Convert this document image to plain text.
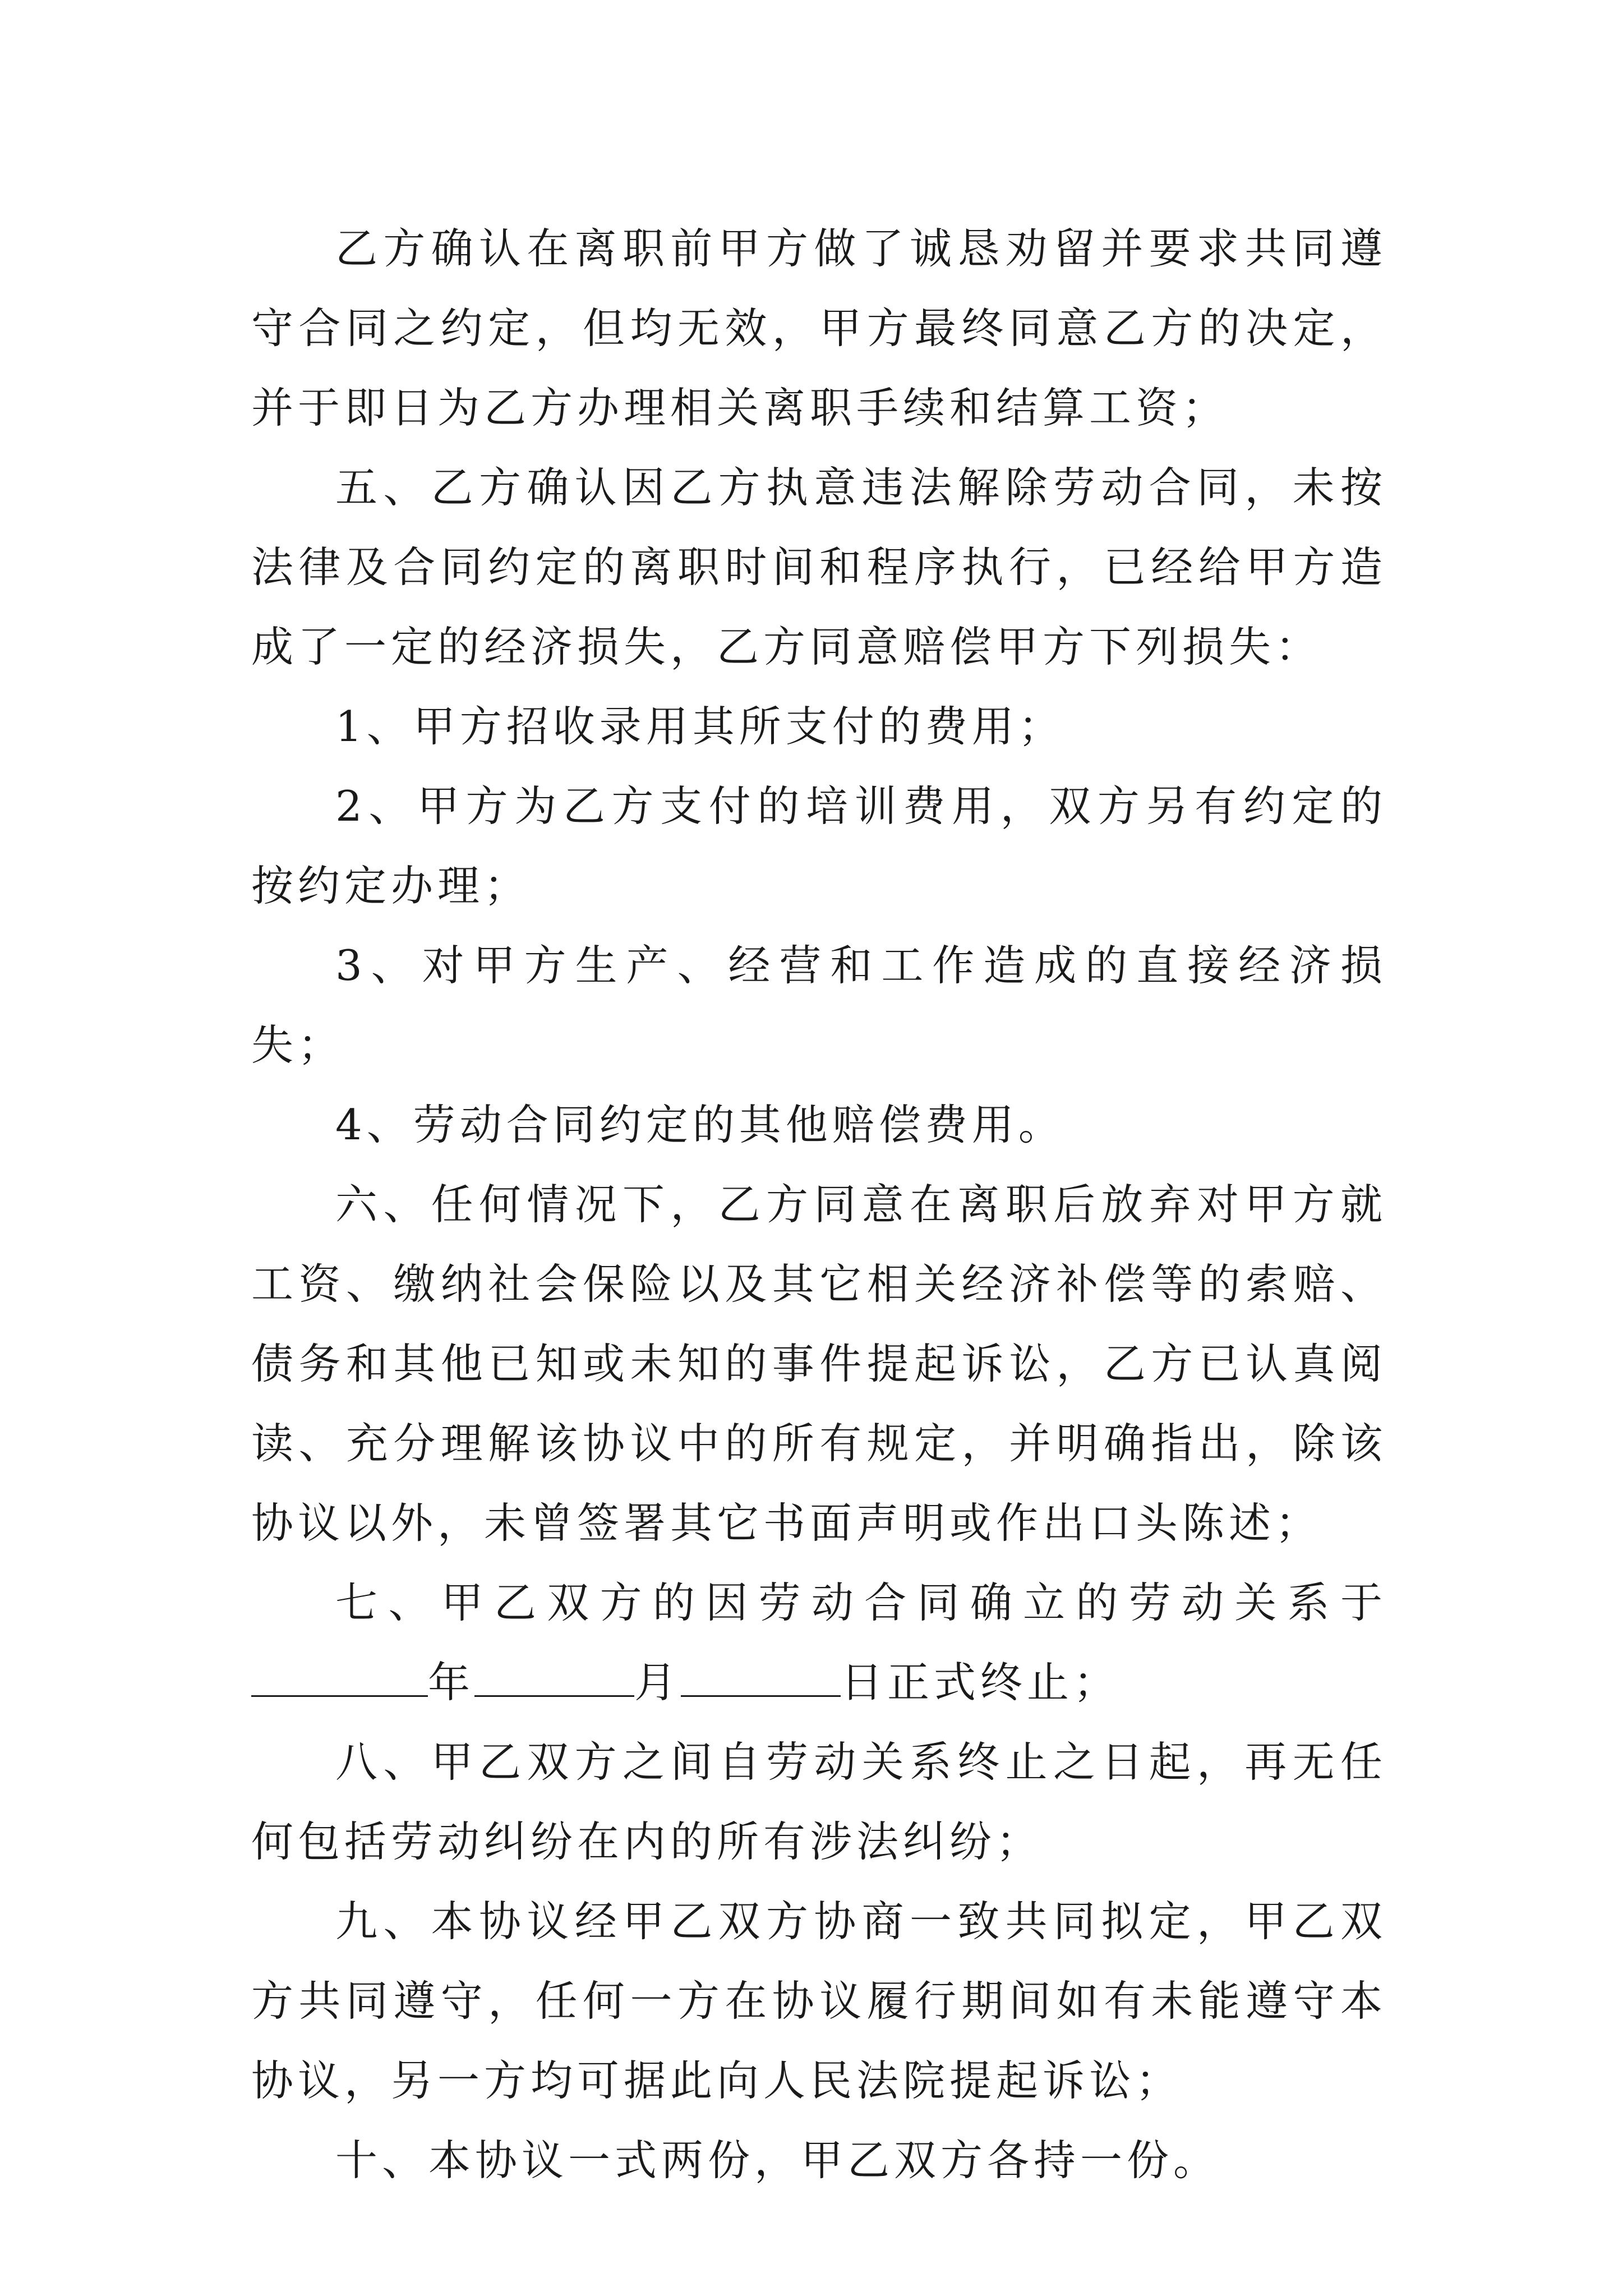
乙方确认在离职前甲方做了诚恳劝留并要求共同遵守合同之约定，但均无效，甲方最终同意乙方的决定，并于即日为乙方办理相关离职手续和结算工资；

五、乙方确认因乙方执意违法解除劳动合同，未按法律及合同约定的离职时间和程序执行，已经给甲方造成了一定的经济损失，乙方同意赔偿甲方下列损失：

1、甲方招收录用其所支付的费用；

2、甲方为乙方支付的培训费用，双方另有约定的按约定办理；

3、对甲方生产、经营和工作造成的直接经济损失；

4、劳动合同约定的其他赔偿费用。

六、任何情况下，乙方同意在离职后放弃对甲方就工资、缴纳社会保险以及其它相关经济补偿等的索赔、债务和其他已知或未知的事件提起诉讼，乙方已认真阅读、充分理解该协议中的所有规定，并明确指出，除该协议以外，未曾签署其它书面声明或作出口头陈述；

七、甲乙双方的因劳动合同确立的劳动关系于年	月	日正式终止；

八、甲乙双方之间自劳动关系终止之日起，再无任何包括劳动纠纷在内的所有涉法纠纷；

九、本协议经甲乙双方协商一致共同拟定，甲乙双方共同遵守，任何一方在协议履行期间如有未能遵守本协议，另一方均可据此向人民法院提起诉讼；

十、本协议一式两份，甲乙双方各持一份。
